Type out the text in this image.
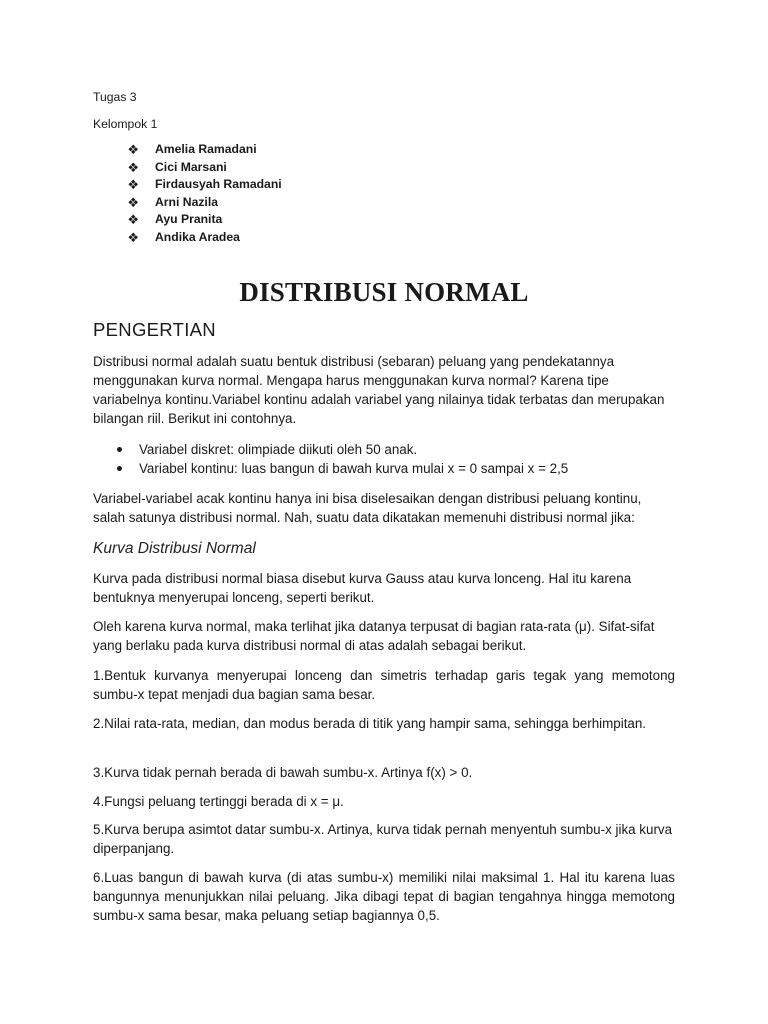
Tugas 3
Kelompok 1
❖ Amelia Ramadani
❖ Cici Marsani
❖ Firdausyah Ramadani
❖ Arni Nazila
❖ Ayu Pranita
❖ Andika Aradea
DISTRIBUSI NORMAL
PENGERTIAN

Distribusi normal adalah suatu bentuk distribusi (sebaran) peluang yang pendekatannya menggunakan kurva normal. Mengapa harus menggunakan kurva normal? Karena tipe variabelnya kontinu.Variabel kontinu adalah variabel yang nilainya tidak terbatas dan merupakan bilangan riil. Berikut ini contohnya.

Variabel diskret: olimpiade diikuti oleh 50 anak.
Variabel kontinu: luas bangun di bawah kurva mulai x = 0 sampai x = 2,5

Variabel-variabel acak kontinu hanya ini bisa diselesaikan dengan distribusi peluang kontinu, salah satunya distribusi normal. Nah, suatu data dikatakan memenuhi distribusi normal jika:

Kurva Distribusi Normal

Kurva pada distribusi normal biasa disebut kurva Gauss atau kurva lonceng. Hal itu karena bentuknya menyerupai lonceng, seperti berikut.

Oleh karena kurva normal, maka terlihat jika datanya terpusat di bagian rata-rata (μ). Sifat-sifat yang berlaku pada kurva distribusi normal di atas adalah sebagai berikut.

1.Bentuk kurvanya menyerupai lonceng dan simetris terhadap garis tegak yang memotong sumbu-x tepat menjadi dua bagian sama besar.

2.Nilai rata-rata, median, dan modus berada di titik yang hampir sama, sehingga berhimpitan.

3.Kurva tidak pernah berada di bawah sumbu-x. Artinya f(x) > 0.

4.Fungsi peluang tertinggi berada di x = μ.

5.Kurva berupa asimtot datar sumbu-x. Artinya, kurva tidak pernah menyentuh sumbu-x jika kurva diperpanjang.

6.Luas bangun di bawah kurva (di atas sumbu-x) memiliki nilai maksimal 1. Hal itu karena luas bangunnya menunjukkan nilai peluang. Jika dibagi tepat di bagian tengahnya hingga memotong sumbu-x sama besar, maka peluang setiap bagiannya 0,5.
